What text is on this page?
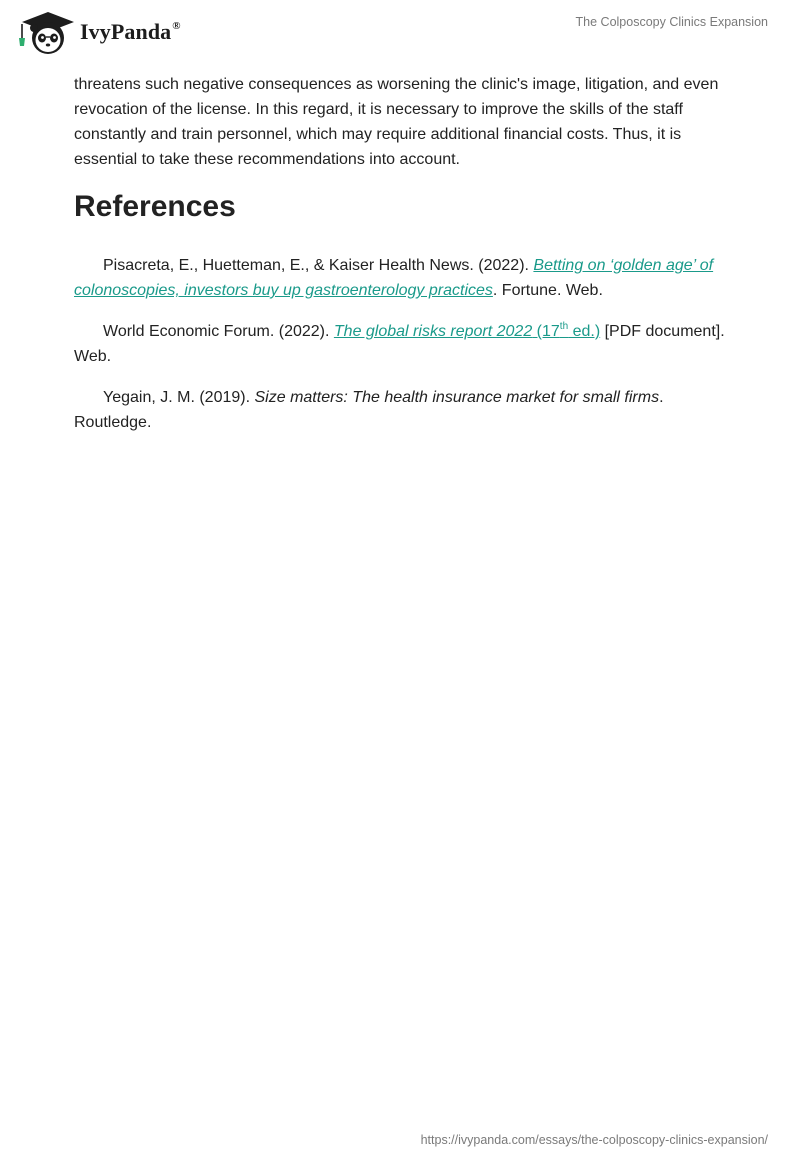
IvyPanda®	The Colposcopy Clinics Expansion

threatens such negative consequences as worsening the clinic's image, litigation, and even revocation of the license. In this regard, it is necessary to improve the skills of the staff constantly and train personnel, which may require additional financial costs. Thus, it is essential to take these recommendations into account.

References

Pisacreta, E., Huetteman, E., & Kaiser Health News. (2022). Betting on ‘golden age’ of colonoscopies, investors buy up gastroenterology practices. Fortune. Web.

World Economic Forum. (2022). The global risks report 2022 (17th ed.) [PDF document]. Web.

Yegain, J. M. (2019). Size matters: The health insurance market for small firms. Routledge.

https://ivypanda.com/essays/the-colposcopy-clinics-expansion/
